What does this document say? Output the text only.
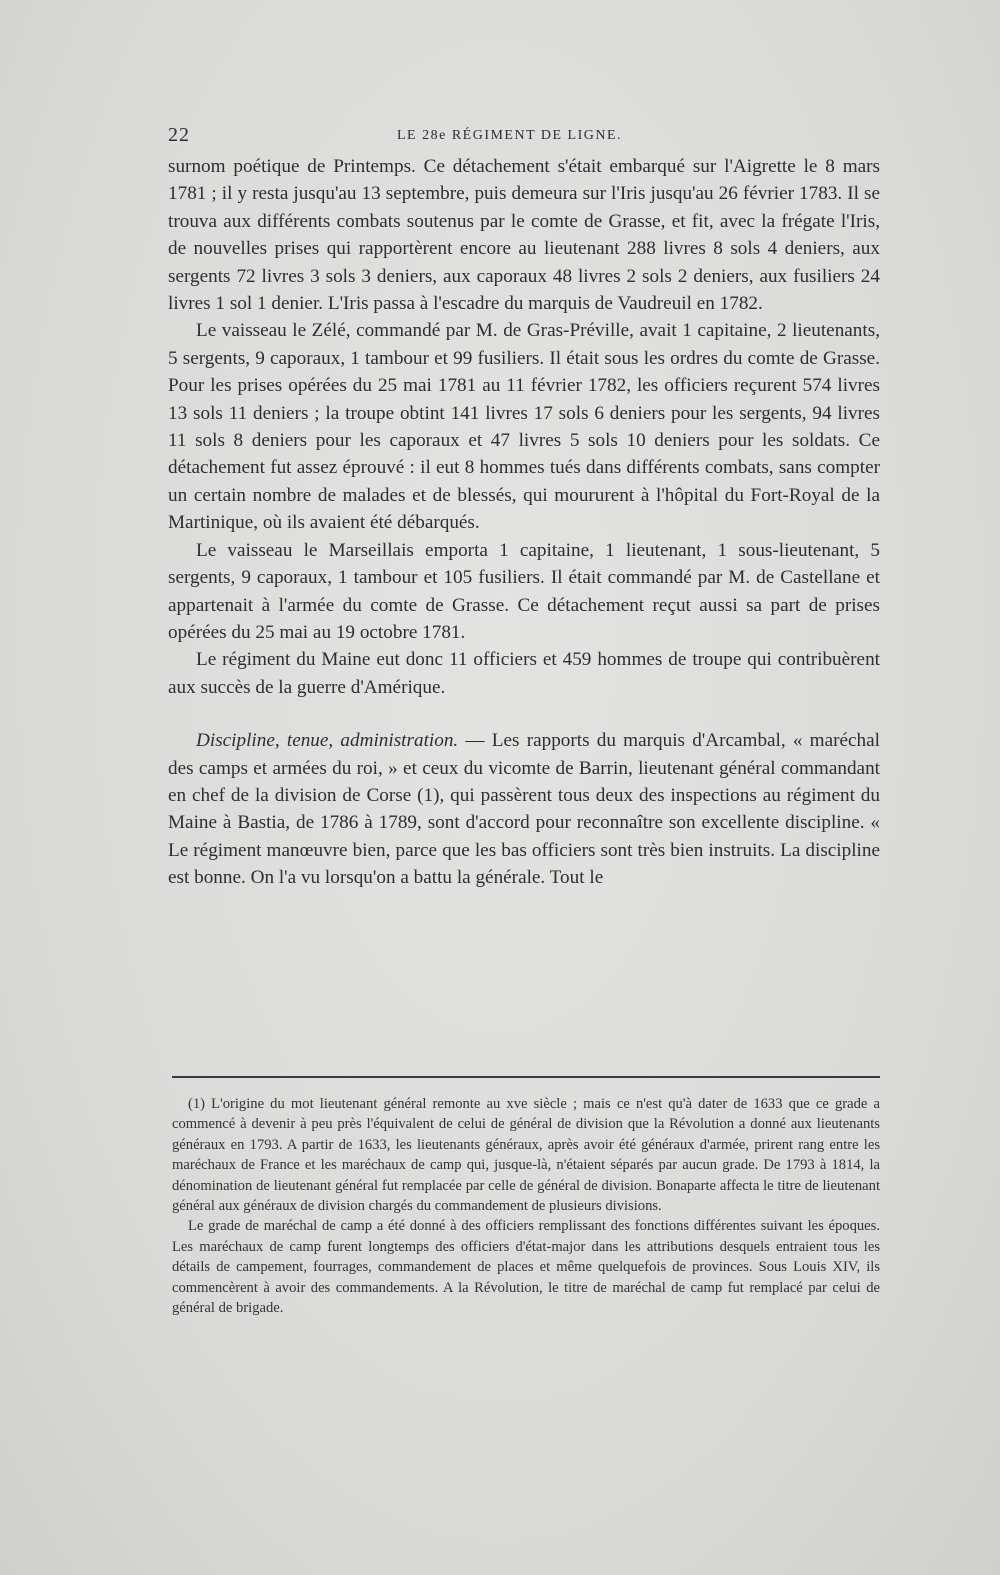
22	LE 28e RÉGIMENT DE LIGNE.

surnom poétique de Printemps. Ce détachement s'était embarqué sur l'Aigrette le 8 mars 1781 ; il y resta jusqu'au 13 septembre, puis demeura sur l'Iris jusqu'au 26 février 1783. Il se trouva aux différents combats soutenus par le comte de Grasse, et fit, avec la frégate l'Iris, de nouvelles prises qui rapportèrent encore au lieutenant 288 livres 8 sols 4 deniers, aux sergents 72 livres 3 sols 3 deniers, aux caporaux 48 livres 2 sols 2 deniers, aux fusiliers 24 livres 1 sol 1 denier. L'Iris passa à l'escadre du marquis de Vaudreuil en 1782.

Le vaisseau le Zélé, commandé par M. de Gras-Préville, avait 1 capitaine, 2 lieutenants, 5 sergents, 9 caporaux, 1 tambour et 99 fusiliers. Il était sous les ordres du comte de Grasse. Pour les prises opérées du 25 mai 1781 au 11 février 1782, les officiers reçurent 574 livres 13 sols 11 deniers ; la troupe obtint 141 livres 17 sols 6 deniers pour les sergents, 94 livres 11 sols 8 deniers pour les caporaux et 47 livres 5 sols 10 deniers pour les soldats. Ce détachement fut assez éprouvé : il eut 8 hommes tués dans différents combats, sans compter un certain nombre de malades et de blessés, qui moururent à l'hôpital du Fort-Royal de la Martinique, où ils avaient été débarqués.

Le vaisseau le Marseillais emporta 1 capitaine, 1 lieutenant, 1 sous-lieutenant, 5 sergents, 9 caporaux, 1 tambour et 105 fusiliers. Il était commandé par M. de Castellane et appartenait à l'armée du comte de Grasse. Ce détachement reçut aussi sa part de prises opérées du 25 mai au 19 octobre 1781.

Le régiment du Maine eut donc 11 officiers et 459 hommes de troupe qui contribuèrent aux succès de la guerre d'Amérique.

Discipline, tenue, administration. — Les rapports du marquis d'Arcambal, « maréchal des camps et armées du roi, » et ceux du vicomte de Barrin, lieutenant général commandant en chef de la division de Corse (1), qui passèrent tous deux des inspections au régiment du Maine à Bastia, de 1786 à 1789, sont d'accord pour reconnaître son excellente discipline. « Le régiment manœuvre bien, parce que les bas officiers sont très bien instruits. La discipline est bonne. On l'a vu lorsqu'on a battu la générale. Tout le

(1) L'origine du mot lieutenant général remonte au xve siècle ; mais ce n'est qu'à dater de 1633 que ce grade a commencé à devenir à peu près l'équivalent de celui de général de division que la Révolution a donné aux lieutenants généraux en 1793. A partir de 1633, les lieutenants généraux, après avoir été généraux d'armée, prirent rang entre les maréchaux de France et les maréchaux de camp qui, jusque-là, n'étaient séparés par aucun grade. De 1793 à 1814, la dénomination de lieutenant général fut remplacée par celle de général de division. Bonaparte affecta le titre de lieutenant général aux généraux de division chargés du commandement de plusieurs divisions.

Le grade de maréchal de camp a été donné à des officiers remplissant des fonctions différentes suivant les époques. Les maréchaux de camp furent longtemps des officiers d'état-major dans les attributions desquels entraient tous les détails de campement, fourrages, commandement de places et même quelquefois de provinces. Sous Louis XIV, ils commencèrent à avoir des commandements. A la Révolution, le titre de maréchal de camp fut remplacé par celui de général de brigade.
